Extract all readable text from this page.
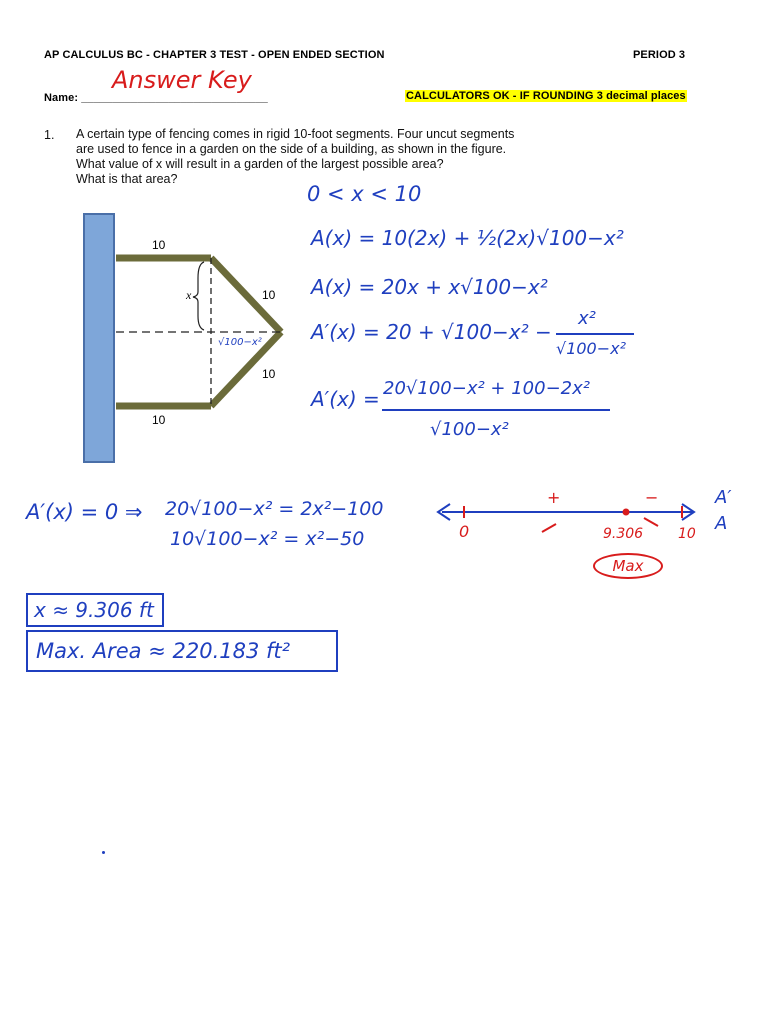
AP CALCULUS BC - CHAPTER 3 TEST - OPEN ENDED SECTION	PERIOD 3
Name: ______________________________	CALCULATORS OK - IF ROUNDING 3 decimal places
Answer Key
1. A certain type of fencing comes in rigid 10-foot segments. Four uncut segments
are used to fence in a garden on the side of a building, as shown in the figure.
What value of x will result in a garden of the largest possible area?
What is that area?
10
10
10
10
x
√100−x²
0 < x < 10
A(x) = 10(2x) + ½(2x)√100−x²
A(x) = 20x + x√100−x²
A′(x) = 20 + √100−x² −
x²
√100−x²
A′(x) = 20√100−x² + 100−2x²
√100−x²
A′(x) = 0 ⇒ 20√100−x² = 2x²−100
10√100−x² = x²−50
+	−
0	9.306 10
A′
A
Max
x ≈ 9.306 ft
Max. Area ≈ 220.183 ft²
